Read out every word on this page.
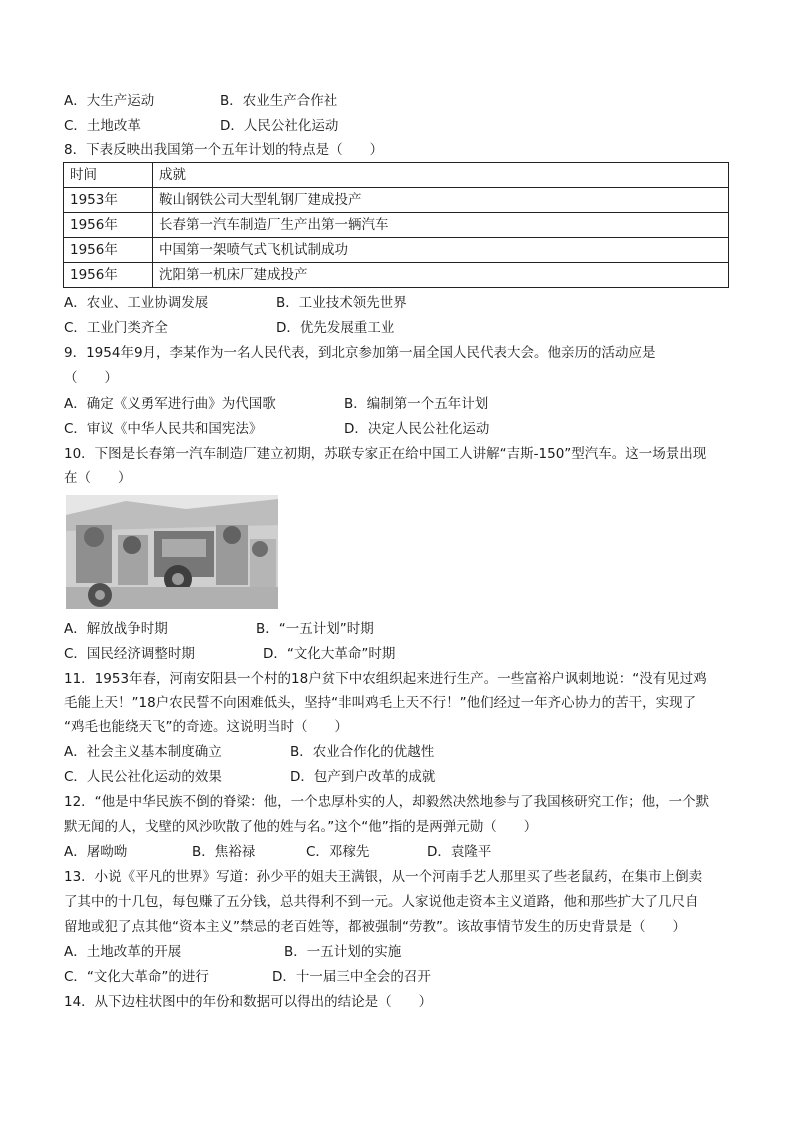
A．大生产运动	B．农业生产合作社
C．土地改革	D．人民公社化运动
8．下表反映出我国第一个五年计划的特点是（　　）
时间	成就
1953年	鞍山钢铁公司大型轧钢厂建成投产
1956年	长春第一汽车制造厂生产出第一辆汽车
1956年	中国第一架喷气式飞机试制成功
1956年	沈阳第一机床厂建成投产
A．农业、工业协调发展	B．工业技术领先世界
C．工业门类齐全	D．优先发展重工业
9．1954年9月，李某作为一名人民代表，到北京参加第一届全国人民代表大会。他亲历的活动应是
（　　）
A．确定《义勇军进行曲》为代国歌	B．编制第一个五年计划
C．审议《中华人民共和国宪法》	D．决定人民公社化运动
10．下图是长春第一汽车制造厂建立初期，苏联专家正在给中国工人讲解“吉斯-150”型汽车。这一场景出现
在（　　）
A．解放战争时期	B．“一五计划”时期
C．国民经济调整时期	D．“文化大革命”时期
11．1953年春，河南安阳县一个村的18户贫下中农组织起来进行生产。一些富裕户讽刺地说：“没有见过鸡
毛能上天！”18户农民誓不向困难低头，坚持“非叫鸡毛上天不行！”他们经过一年齐心协力的苦干，实现了
“鸡毛也能绕天飞”的奇迹。这说明当时（　　）
A．社会主义基本制度确立	B．农业合作化的优越性
C．人民公社化运动的效果	D．包产到户改革的成就
12．“他是中华民族不倒的脊梁：他，一个忠厚朴实的人，却毅然决然地参与了我国核研究工作；他，一个默
默无闻的人，戈壁的风沙吹散了他的姓与名。”这个“他”指的是两弹元勋（　　）
A．屠呦呦	B．焦裕禄	C．邓稼先	D．袁隆平
13．小说《平凡的世界》写道：孙少平的姐夫王满银，从一个河南手艺人那里买了些老鼠药，在集市上倒卖
了其中的十几包，每包赚了五分钱，总共得利不到一元。人家说他走资本主义道路，他和那些扩大了几尺自
留地或犯了点其他“资本主义”禁忌的老百姓等，都被强制“劳教”。该故事情节发生的历史背景是（　　）
A．土地改革的开展	B．一五计划的实施
C．“文化大革命”的进行	D．十一届三中全会的召开
14．从下边柱状图中的年份和数据可以得出的结论是（　　）
